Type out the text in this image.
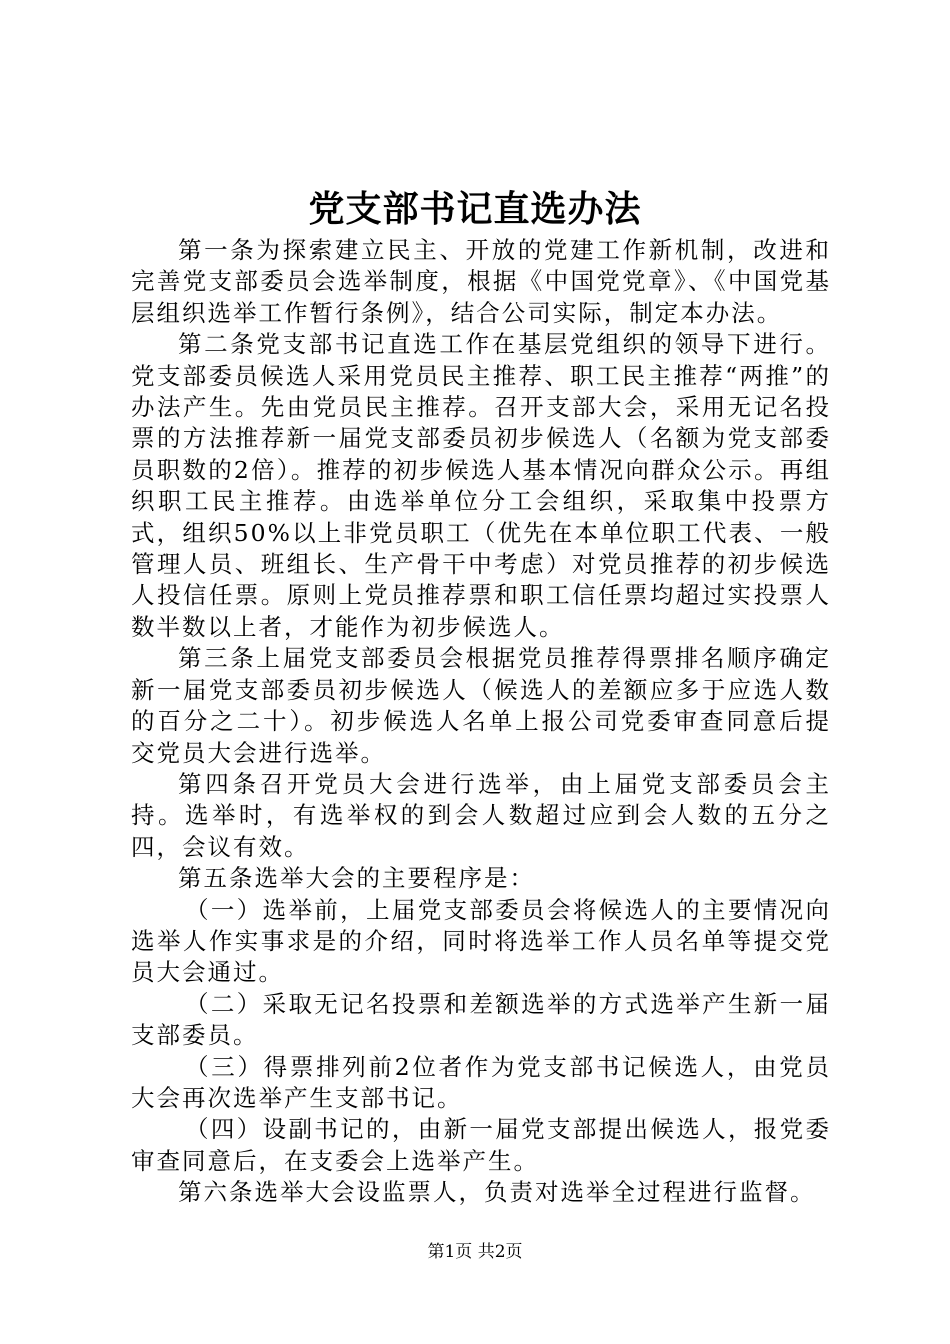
党支部书记直选办法

第一条为探索建立民主、开放的党建工作新机制，改进和完善党支部委员会选举制度，根据《中国党党章》、《中国党基层组织选举工作暂行条例》，结合公司实际，制定本办法。

第二条党支部书记直选工作在基层党组织的领导下进行。党支部委员候选人采用党员民主推荐、职工民主推荐“两推”的办法产生。先由党员民主推荐。召开支部大会，采用无记名投票的方法推荐新一届党支部委员初步候选人（名额为党支部委员职数的2倍）。推荐的初步候选人基本情况向群众公示。再组织职工民主推荐。由选举单位分工会组织，采取集中投票方式，组织50%以上非党员职工（优先在本单位职工代表、一般管理人员、班组长、生产骨干中考虑）对党员推荐的初步候选人投信任票。原则上党员推荐票和职工信任票均超过实投票人数半数以上者，才能作为初步候选人。

第三条上届党支部委员会根据党员推荐得票排名顺序确定新一届党支部委员初步候选人（候选人的差额应多于应选人数的百分之二十）。初步候选人名单上报公司党委审查同意后提交党员大会进行选举。

第四条召开党员大会进行选举，由上届党支部委员会主持。选举时，有选举权的到会人数超过应到会人数的五分之四，会议有效。

第五条选举大会的主要程序是：

（一）选举前，上届党支部委员会将候选人的主要情况向选举人作实事求是的介绍，同时将选举工作人员名单等提交党员大会通过。

（二）采取无记名投票和差额选举的方式选举产生新一届支部委员。

（三）得票排列前2位者作为党支部书记候选人，由党员大会再次选举产生支部书记。

（四）设副书记的，由新一届党支部提出候选人，报党委审查同意后，在支委会上选举产生。

第六条选举大会设监票人，负责对选举全过程进行监督。

第1页 共2页
